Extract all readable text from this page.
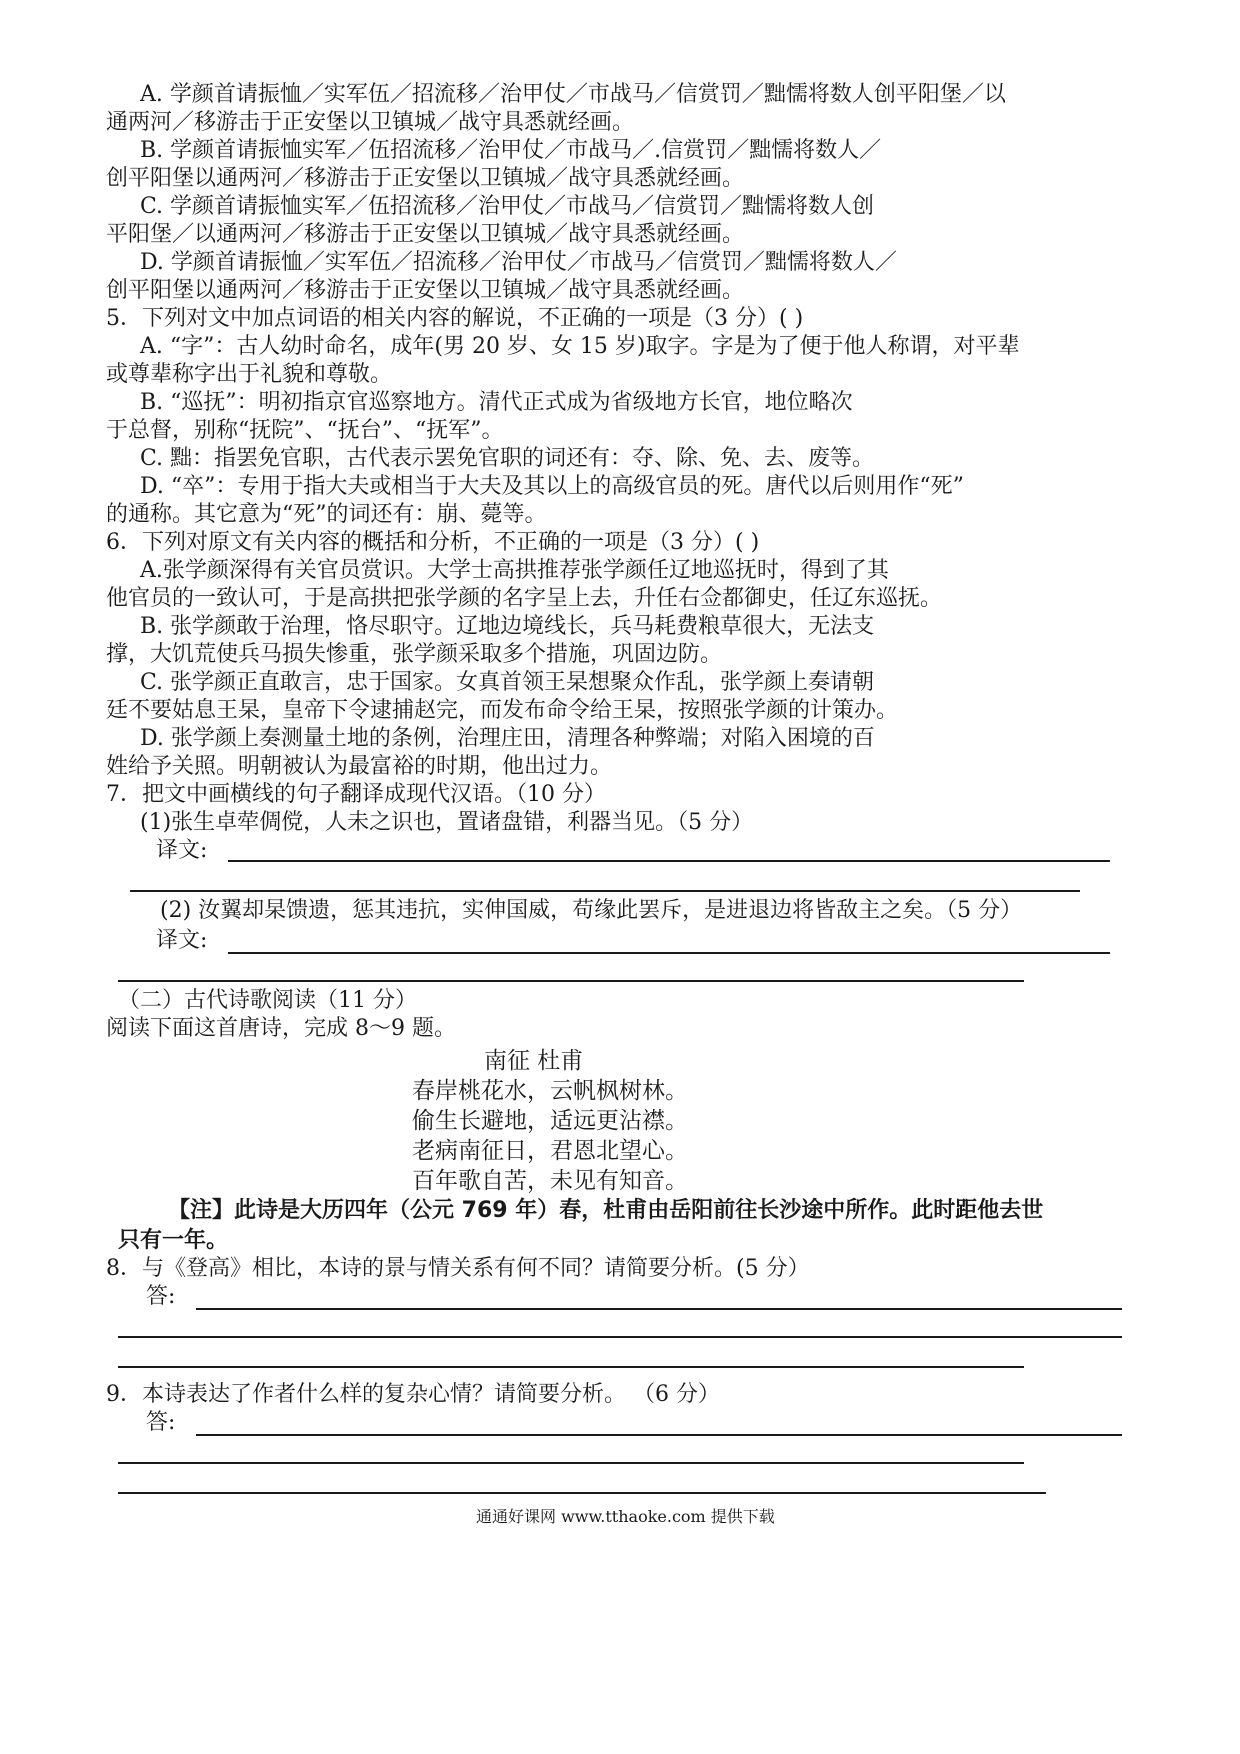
A. 学颜首请振恤／实军伍／招流移／治甲仗／市战马／信赏罚／黜懦将数人创平阳堡／以
通两河／移游击于正安堡以卫镇城／战守具悉就经画。
B. 学颜首请振恤实军／伍招流移／治甲仗／市战马／.信赏罚／黜懦将数人／
创平阳堡以通两河／移游击于正安堡以卫镇城／战守具悉就经画。
C. 学颜首请振恤实军／伍招流移／治甲仗／市战马／信赏罚／黜懦将数人创
平阳堡／以通两河／移游击于正安堡以卫镇城／战守具悉就经画。
D. 学颜首请振恤／实军伍／招流移／治甲仗／市战马／信赏罚／黜懦将数人／
创平阳堡以通两河／移游击于正安堡以卫镇城／战守具悉就经画。
5．下列对文中加点词语的相关内容的解说，不正确的一项是（3 分）( )
A. “字”：古人幼时命名，成年(男 20 岁、女 15 岁)取字。字是为了便于他人称谓，对平辈
或尊辈称字出于礼貌和尊敬。
B. “巡抚”：明初指京官巡察地方。清代正式成为省级地方长官，地位略次
于总督，别称“抚院”、“抚台”、“抚军”。
C. 黜：指罢免官职，古代表示罢免官职的词还有：夺、除、免、去、废等。
D. “卒”：专用于指大夫或相当于大夫及其以上的高级官员的死。唐代以后则用作“死”
的通称。其它意为“死”的词还有：崩、薨等。
6．下列对原文有关内容的概括和分析，不正确的一项是（3 分）( )
A.张学颜深得有关官员赏识。大学士高拱推荐张学颜任辽地巡抚时，得到了其
他官员的一致认可，于是高拱把张学颜的名字呈上去，升任右佥都御史，任辽东巡抚。
B. 张学颜敢于治理，恪尽职守。辽地边境线长，兵马耗费粮草很大，无法支
撑，大饥荒使兵马损失惨重，张学颜采取多个措施，巩固边防。
C. 张学颜正直敢言，忠于国家。女真首领王杲想聚众作乱，张学颜上奏请朝
廷不要姑息王杲，皇帝下令逮捕赵完，而发布命令给王杲，按照张学颜的计策办。
D. 张学颜上奏测量土地的条例，治理庄田，清理各种弊端；对陷入困境的百
姓给予关照。明朝被认为最富裕的时期，他出过力。
7．把文中画横线的句子翻译成现代汉语。（10 分）
(1)张生卓荦倜傥，人未之识也，置诸盘错，利器当见。（5 分）
译文:
(2) 汝翼却杲馈遗，惩其违抗，实伸国威，苟缘此罢斥，是进退边将皆敌主之矣。（5 分）
译文:
（二）古代诗歌阅读（11 分）
阅读下面这首唐诗，完成 8～9 题。
南征 杜甫
春岸桃花水，云帆枫树林。
偷生长避地，适远更沾襟。
老病南征日，君恩北望心。
百年歌自苦，未见有知音。
【注】此诗是大历四年（公元 769 年）春，杜甫由岳阳前往长沙途中所作。此时距他去世
只有一年。
8．与《登高》相比，本诗的景与情关系有何不同？请简要分析。(5 分）
答:
9．本诗表达了作者什么样的复杂心情？请简要分析。 （6 分）
答:
通通好课网 www.tthaoke.com 提供下载
